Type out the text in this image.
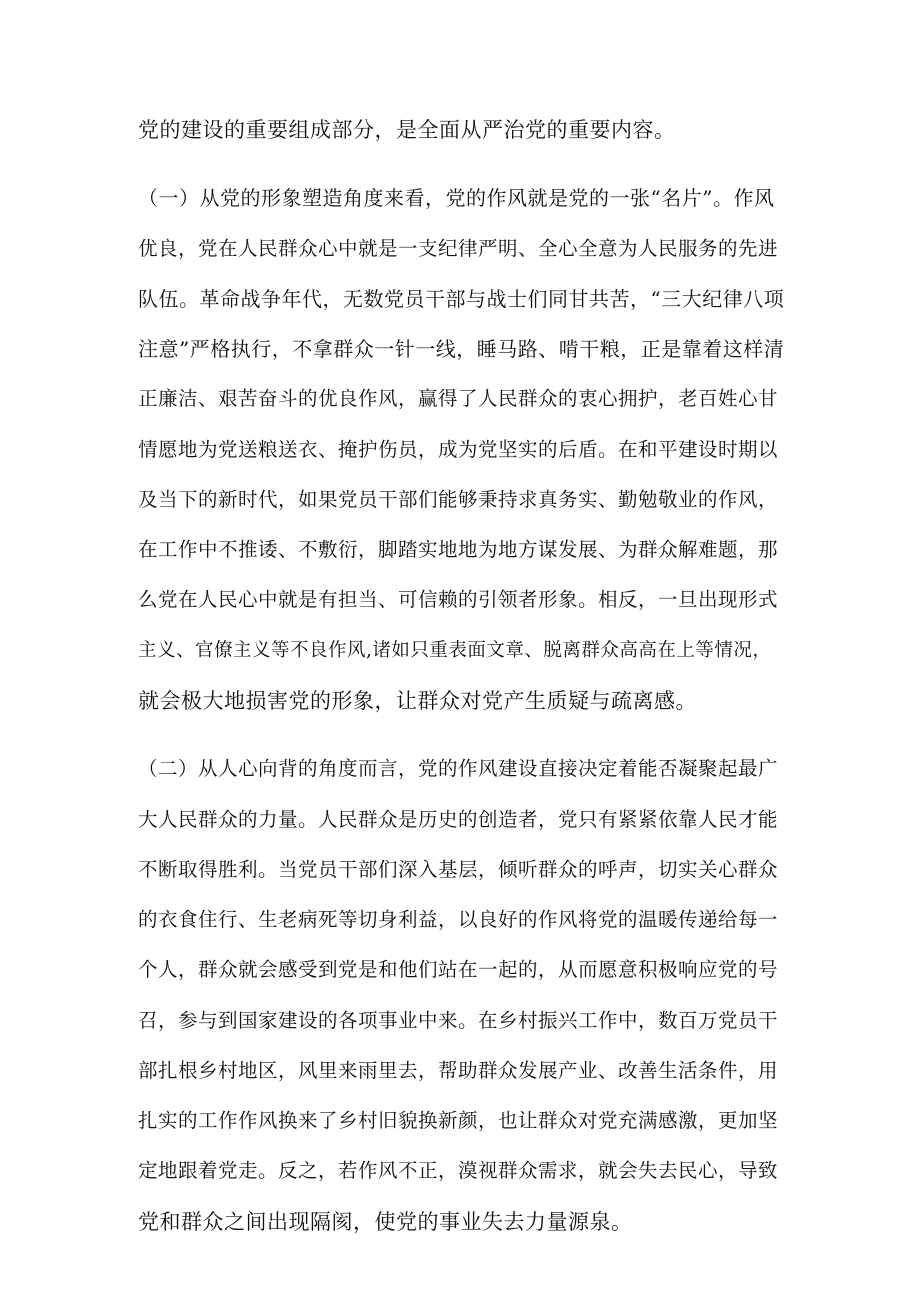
党的建设的重要组成部分，是全面从严治党的重要内容。
（一）从党的形象塑造角度来看，党的作风就是党的一张“名片”。作风
优良，党在人民群众心中就是一支纪律严明、全心全意为人民服务的先进
队伍。革命战争年代，无数党员干部与战士们同甘共苦，“三大纪律八项
注意”严格执行，不拿群众一针一线，睡马路、啃干粮，正是靠着这样清
正廉洁、艰苦奋斗的优良作风，赢得了人民群众的衷心拥护，老百姓心甘
情愿地为党送粮送衣、掩护伤员，成为党坚实的后盾。在和平建设时期以
及当下的新时代，如果党员干部们能够秉持求真务实、勤勉敬业的作风，
在工作中不推诿、不敷衍，脚踏实地地为地方谋发展、为群众解难题，那
么党在人民心中就是有担当、可信赖的引领者形象。相反，一旦出现形式
主义、官僚主义等不良作风,诸如只重表面文章、脱离群众高高在上等情况，
就会极大地损害党的形象，让群众对党产生质疑与疏离感。
（二）从人心向背的角度而言，党的作风建设直接决定着能否凝聚起最广
大人民群众的力量。人民群众是历史的创造者，党只有紧紧依靠人民才能
不断取得胜利。当党员干部们深入基层，倾听群众的呼声，切实关心群众
的衣食住行、生老病死等切身利益，以良好的作风将党的温暖传递给每一
个人，群众就会感受到党是和他们站在一起的，从而愿意积极响应党的号
召，参与到国家建设的各项事业中来。在乡村振兴工作中，数百万党员干
部扎根乡村地区，风里来雨里去，帮助群众发展产业、改善生活条件，用
扎实的工作作风换来了乡村旧貌换新颜，也让群众对党充满感激，更加坚
定地跟着党走。反之，若作风不正，漠视群众需求，就会失去民心，导致
党和群众之间出现隔阂，使党的事业失去力量源泉。
